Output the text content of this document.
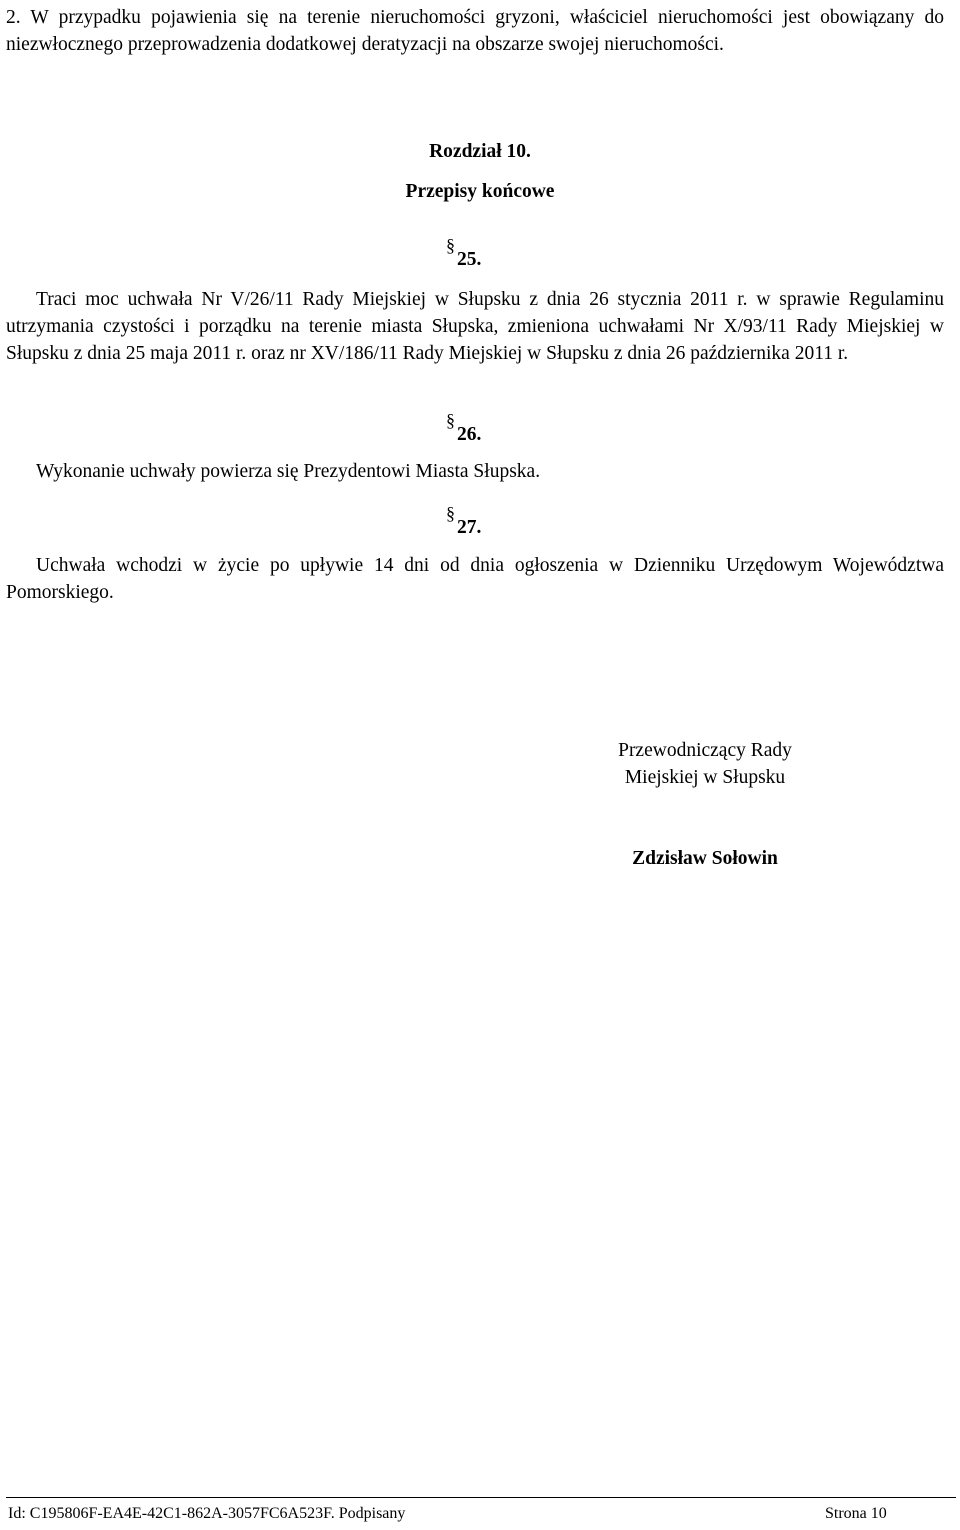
2. W przypadku pojawienia się na terenie nieruchomości gryzoni, właściciel nieruchomości jest obowiązany do niezwłocznego przeprowadzenia dodatkowej deratyzacji na obszarze swojej nieruchomości.
Rozdział 10.
Przepisy końcowe
§25.
Traci moc uchwała Nr V/26/11 Rady Miejskiej w Słupsku z dnia 26 stycznia 2011 r. w sprawie Regulaminu utrzymania czystości i porządku na terenie miasta Słupska, zmieniona uchwałami Nr X/93/11 Rady Miejskiej w Słupsku z dnia 25 maja 2011 r. oraz nr XV/186/11 Rady Miejskiej w Słupsku z dnia 26 października 2011 r.
§26.
Wykonanie uchwały powierza się Prezydentowi Miasta Słupska.
§27.
Uchwała wchodzi w życie po upływie 14 dni od dnia ogłoszenia w Dzienniku Urzędowym Województwa Pomorskiego.
Przewodniczący Rady
Miejskiej w Słupsku
Zdzisław Sołowin
Id: C195806F-EA4E-42C1-862A-3057FC6A523F. Podpisany	Strona 10
